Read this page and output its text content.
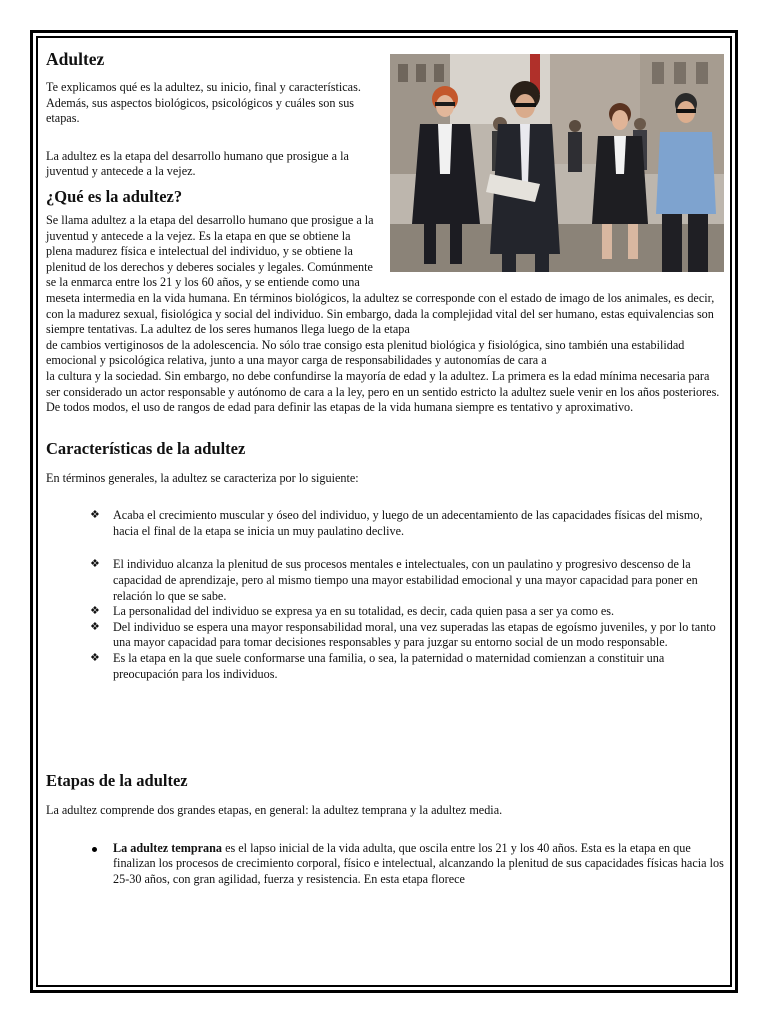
Adultez

Te explicamos qué es la adultez, su inicio, final y características. Además, sus aspectos biológicos, psicológicos y cuáles son sus etapas.

La adultez es la etapa del desarrollo humano que prosigue a la juventud y antecede a la vejez.

¿Qué es la adultez?

Se llama adultez a la etapa del desarrollo humano que prosigue a la juventud y antecede a la vejez. Es la etapa en que se obtiene la plena madurez física e intelectual del individuo, y se obtiene la plenitud de los derechos y deberes sociales y legales. Comúnmente se la enmarca entre los 21 y los 60 años, y se entiende como una meseta intermedia en la vida humana. En términos biológicos, la adultez se corresponde con el estado de imago de los animales, es decir, con la madurez sexual, fisiológica y social del individuo. Sin embargo, dada la complejidad vital del ser humano, estas equivalencias son siempre tentativas. La adultez de los seres humanos llega luego de la etapa

de cambios vertiginosos de la adolescencia. No sólo trae consigo esta plenitud biológica y fisiológica, sino también una estabilidad emocional y psicológica relativa, junto a una mayor carga de responsabilidades y autonomías de cara a

la cultura y la sociedad. Sin embargo, no debe confundirse la mayoría de edad y la adultez. La primera es la edad mínima necesaria para ser considerado un actor responsable y autónomo de cara a la ley, pero en un sentido estricto la adultez suele venir en los años posteriores. De todos modos, el uso de rangos de edad para definir las etapas de la vida humana siempre es tentativo y aproximativo.

Características de la adultez

En términos generales, la adultez se caracteriza por lo siguiente:

❖ Acaba el crecimiento muscular y óseo del individuo, y luego de un adecentamiento de las capacidades físicas del mismo, hacia el final de la etapa se inicia un muy paulatino declive.
❖ El individuo alcanza la plenitud de sus procesos mentales e intelectuales, con un paulatino y progresivo descenso de la capacidad de aprendizaje, pero al mismo tiempo una mayor estabilidad emocional y una mayor capacidad para poner en relación lo que se sabe.
❖ La personalidad del individuo se expresa ya en su totalidad, es decir, cada quien pasa a ser ya como es.
❖ Del individuo se espera una mayor responsabilidad moral, una vez superadas las etapas de egoísmo juveniles, y por lo tanto una mayor capacidad para tomar decisiones responsables y para juzgar su entorno social de un modo responsable.
❖ Es la etapa en la que suele conformarse una familia, o sea, la paternidad o maternidad comienzan a constituir una preocupación para los individuos.
Etapas de la adultez

La adultez comprende dos grandes etapas, en general: la adultez temprana y la adultez media.

La adultez temprana es el lapso inicial de la vida adulta, que oscila entre los 21 y los 40 años. Esta es la etapa en que finalizan los procesos de crecimiento corporal, físico e intelectual, alcanzando la plenitud de sus capacidades físicas hacia los 25-30 años, con gran agilidad, fuerza y resistencia. En esta etapa florece
